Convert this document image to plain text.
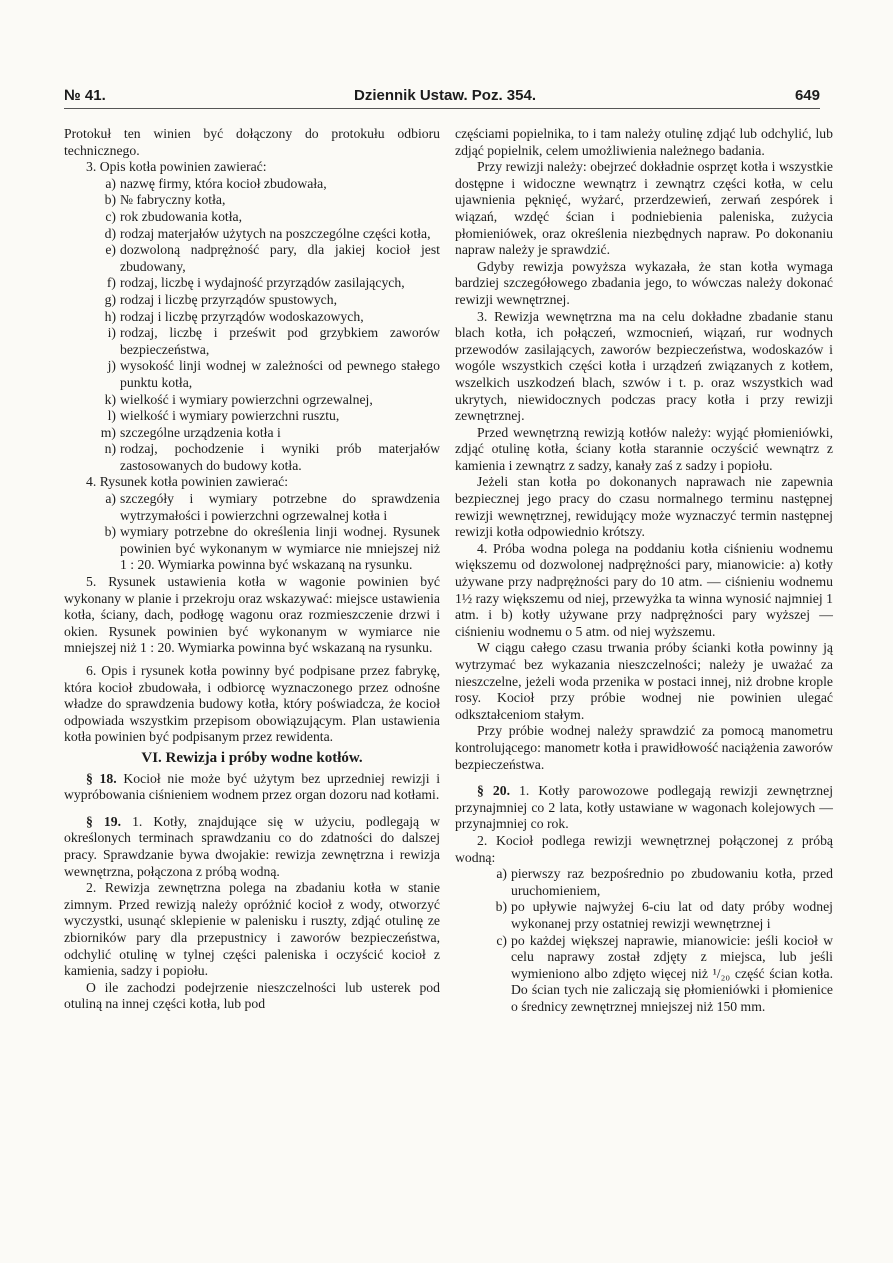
№ 41.	Dziennik Ustaw. Poz. 354.	649

Protokuł ten winien być dołączony do protokułu odbioru technicznego.

3. Opis kotła powinien zawierać:

a) nazwę firmy, która kocioł zbudowała,
b) № fabryczny kotła,
c) rok zbudowania kotła,
d) rodzaj materjałów użytych na poszczególne części kotła,
e) dozwoloną nadprężność pary, dla jakiej kocioł jest zbudowany,
f) rodzaj, liczbę i wydajność przyrządów zasilających,
g) rodzaj i liczbę przyrządów spustowych,
h) rodzaj i liczbę przyrządów wodoskazowych,
i) rodzaj, liczbę i prześwit pod grzybkiem zaworów bezpieczeństwa,
j) wysokość linji wodnej w zależności od pewnego stałego punktu kotła,
k) wielkość i wymiary powierzchni ogrzewalnej,
l) wielkość i wymiary powierzchni rusztu,
m) szczególne urządzenia kotła i
n) rodzaj, pochodzenie i wyniki prób materjałów zastosowanych do budowy kotła.

4. Rysunek kotła powinien zawierać:

a) szczegóły i wymiary potrzebne do sprawdzenia wytrzymałości i powierzchni ogrzewalnej kotła i
b) wymiary potrzebne do określenia linji wodnej. Rysunek powinien być wykonanym w wymiarce nie mniejszej niż 1 : 20. Wymiarka powinna być wskazaną na rysunku.

5. Rysunek ustawienia kotła w wagonie powinien być wykonany w planie i przekroju oraz wskazywać: miejsce ustawienia kotła, ściany, dach, podłogę wagonu oraz rozmieszczenie drzwi i okien. Rysunek powinien być wykonanym w wymiarce nie mniejszej niż 1 : 20. Wymiarka powinna być wskazaną na rysunku.

6. Opis i rysunek kotła powinny być podpisane przez fabrykę, która kocioł zbudowała, i odbiorcę wyznaczonego przez odnośne władze do sprawdzenia budowy kotła, który poświadcza, że kocioł odpowiada wszystkim przepisom obowiązującym. Plan ustawienia kotła powinien być podpisanym przez rewidenta.

VI. Rewizja i próby wodne kotłów.

§ 18. Kocioł nie może być użytym bez uprzedniej rewizji i wypróbowania ciśnieniem wodnem przez organ dozoru nad kotłami.

§ 19. 1. Kotły, znajdujące się w użyciu, podlegają w określonych terminach sprawdzaniu co do zdatności do dalszej pracy. Sprawdzanie bywa dwojakie: rewizja zewnętrzna i rewizja wewnętrzna, połączona z próbą wodną.

2. Rewizja zewnętrzna polega na zbadaniu kotła w stanie zimnym. Przed rewizją należy opróżnić kocioł z wody, otworzyć wyczystki, usunąć sklepienie w palenisku i ruszty, zdjąć otulinę ze zbiorników pary dla przepustnicy i zaworów bezpieczeństwa, odchylić otulinę w tylnej części paleniska i oczyścić kocioł z kamienia, sadzy i popiołu.

O ile zachodzi podejrzenie nieszczelności lub usterek pod otuliną na innej części kotła, lub pod

częściami popielnika, to i tam należy otulinę zdjąć lub odchylić, lub zdjąć popielnik, celem umożliwienia należnego badania.

Przy rewizji należy: obejrzeć dokładnie osprzęt kotła i wszystkie dostępne i widoczne wewnątrz i zewnątrz części kotła, w celu ujawnienia pęknięć, wyżarć, przerdzewień, zerwań zespórek i wiązań, wzdęć ścian i podniebienia paleniska, zużycia płomieniówek, oraz określenia niezbędnych napraw. Po dokonaniu napraw należy je sprawdzić.

Gdyby rewizja powyższa wykazała, że stan kotła wymaga bardziej szczegółowego zbadania jego, to wówczas należy dokonać rewizji wewnętrznej.

3. Rewizja wewnętrzna ma na celu dokładne zbadanie stanu blach kotła, ich połączeń, wzmocnień, wiązań, rur wodnych przewodów zasilających, zaworów bezpieczeństwa, wodoskazów i wogóle wszystkich części kotła i urządzeń związanych z kotłem, wszelkich uszkodzeń blach, szwów i t. p. oraz wszystkich wad ukrytych, niewidocznych podczas pracy kotła i przy rewizji zewnętrznej.

Przed wewnętrzną rewizją kotłów należy: wyjąć płomieniówki, zdjąć otulinę kotła, ściany kotła starannie oczyścić wewnątrz z kamienia i zewnątrz z sadzy, kanały zaś z sadzy i popiołu.

Jeżeli stan kotła po dokonanych naprawach nie zapewnia bezpiecznej jego pracy do czasu normalnego terminu następnej rewizji wewnętrznej, rewidujący może wyznaczyć termin następnej rewizji kotła odpowiednio krótszy.

4. Próba wodna polega na poddaniu kotła ciśnieniu wodnemu większemu od dozwolonej nadprężności pary, mianowicie: a) kotły używane przy nadprężności pary do 10 atm. — ciśnieniu wodnemu 1½ razy większemu od niej, przewyżka ta winna wynosić najmniej 1 atm. i b) kotły używane przy nadprężności pary wyższej — ciśnieniu wodnemu o 5 atm. od niej wyższemu.

W ciągu całego czasu trwania próby ścianki kotła powinny ją wytrzymać bez wykazania nieszczelności; należy je uważać za nieszczelne, jeżeli woda przenika w postaci innej, niż drobne krople rosy. Kocioł przy próbie wodnej nie powinien ulegać odkształceniom stałym.

Przy próbie wodnej należy sprawdzić za pomocą manometru kontrolującego: manometr kotła i prawidłowość naciążenia zaworów bezpieczeństwa.

§ 20. 1. Kotły parowozowe podlegają rewizji zewnętrznej przynajmniej co 2 lata, kotły ustawiane w wagonach kolejowych — przynajmniej co rok.

2. Kocioł podlega rewizji wewnętrznej połączonej z próbą wodną:

a) pierwszy raz bezpośrednio po zbudowaniu kotła, przed uruchomieniem,
b) po upływie najwyżej 6-ciu lat od daty próby wodnej wykonanej przy ostatniej rewizji wewnętrznej i
c) po każdej większej naprawie, mianowicie: jeśli kocioł w celu naprawy został zdjęty z miejsca, lub jeśli wymieniono albo zdjęto więcej niż ¹/₂₀ część ścian kotła. Do ścian tych nie zaliczają się płomieniówki i płomienice o średnicy zewnętrznej mniejszej niż 150 mm.
